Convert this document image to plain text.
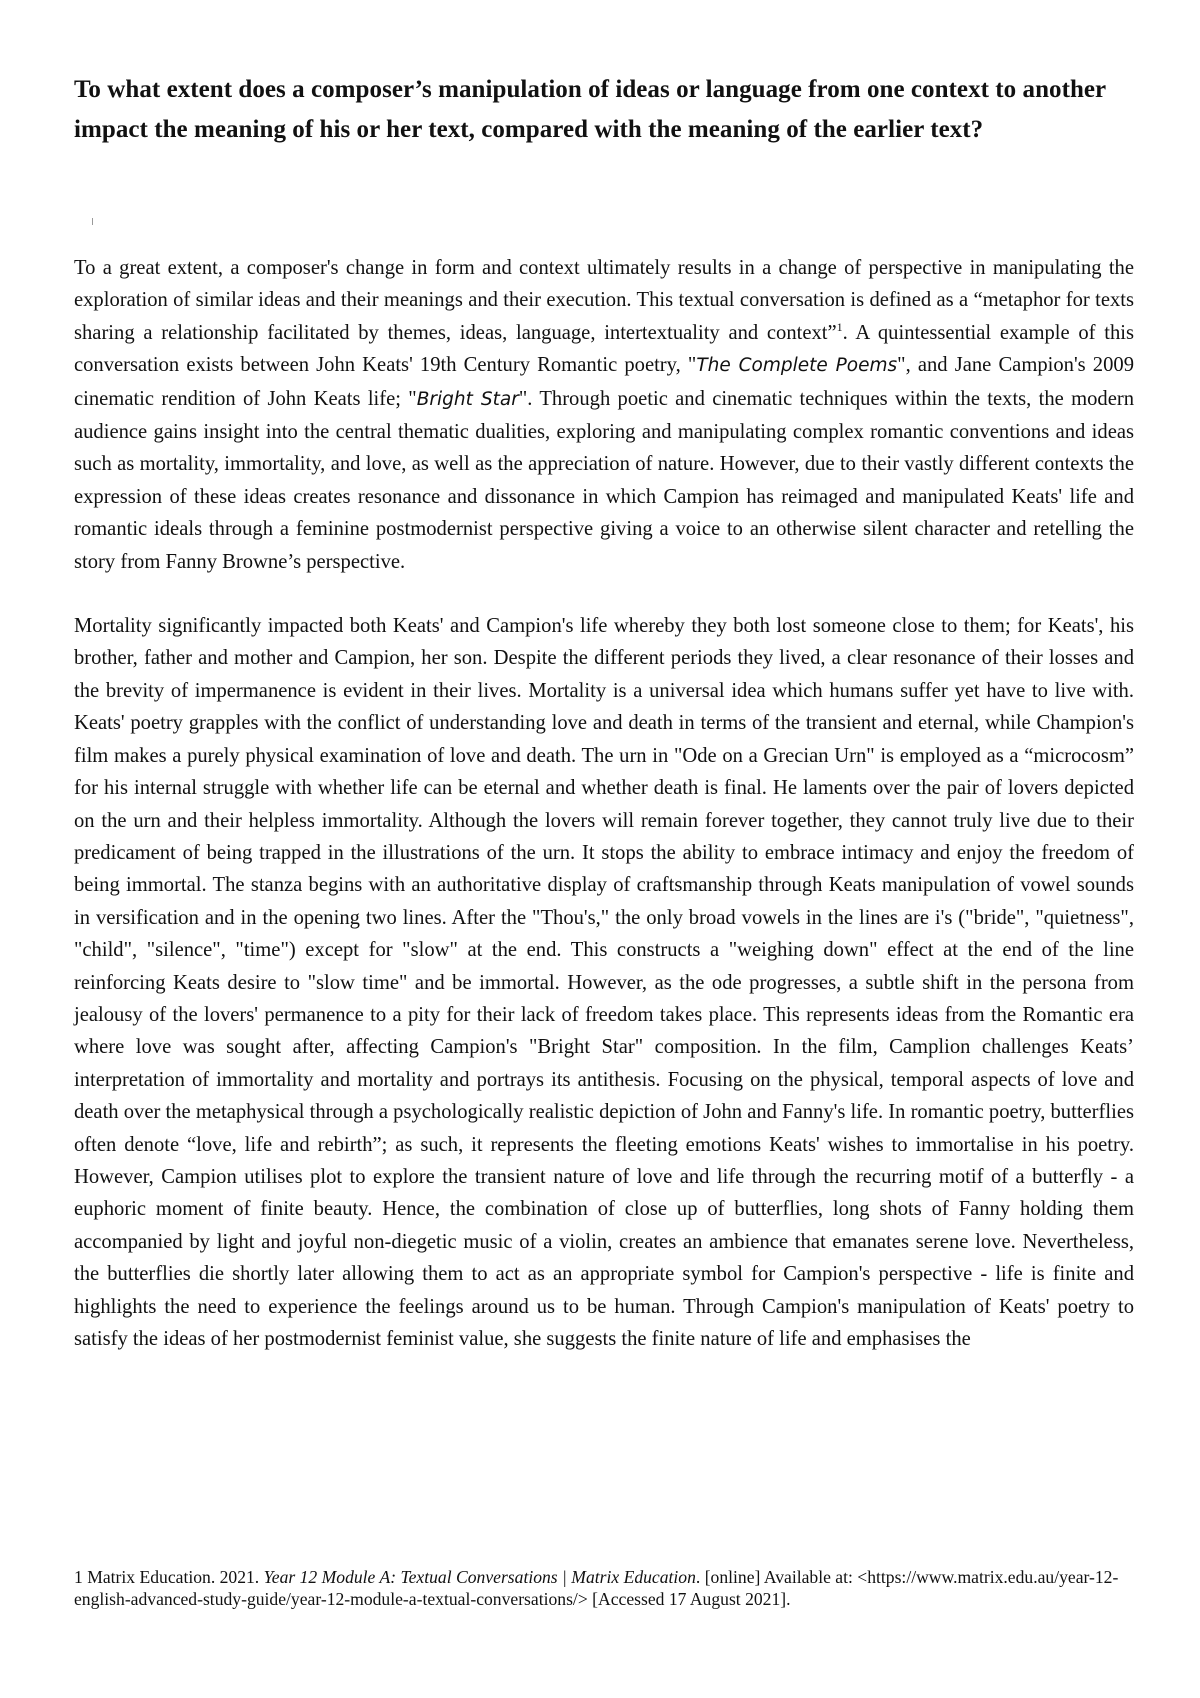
To what extent does a composer’s manipulation of ideas or language from one context to another impact the meaning of his or her text, compared with the meaning of the earlier text?

To a great extent, a composer's change in form and context ultimately results in a change of perspective in manipulating the exploration of similar ideas and their meanings and their execution. This textual conversation is defined as a “metaphor for texts sharing a relationship facilitated by themes, ideas, language, intertextuality and context”$^1$. A quintessential example of this conversation exists between John Keats' 19th Century Romantic poetry, "The Complete Poems", and Jane Campion's 2009 cinematic rendition of John Keats life; "Bright Star". Through poetic and cinematic techniques within the texts, the modern audience gains insight into the central thematic dualities, exploring and manipulating complex romantic conventions and ideas such as mortality, immortality, and love, as well as the appreciation of nature. However, due to their vastly different contexts the expression of these ideas creates resonance and dissonance in which Campion has reimaged and manipulated Keats' life and romantic ideals through a feminine postmodernist perspective giving a voice to an otherwise silent character and retelling the story from Fanny Browne’s perspective.

Mortality significantly impacted both Keats' and Campion's life whereby they both lost someone close to them; for Keats', his brother, father and mother and Campion, her son. Despite the different periods they lived, a clear resonance of their losses and the brevity of impermanence is evident in their lives. Mortality is a universal idea which humans suffer yet have to live with. Keats' poetry grapples with the conflict of understanding love and death in terms of the transient and eternal, while Champion's film makes a purely physical examination of love and death. The urn in "Ode on a Grecian Urn" is employed as a “microcosm” for his internal struggle with whether life can be eternal and whether death is final. He laments over the pair of lovers depicted on the urn and their helpless immortality. Although the lovers will remain forever together, they cannot truly live due to their predicament of being trapped in the illustrations of the urn. It stops the ability to embrace intimacy and enjoy the freedom of being immortal. The stanza begins with an authoritative display of craftsmanship through Keats manipulation of vowel sounds in versification and in the opening two lines. After the "Thou's," the only broad vowels in the lines are i's ("bride", "quietness", "child", "silence", "time") except for "slow" at the end. This constructs a "weighing down" effect at the end of the line reinforcing Keats desire to "slow time" and be immortal. However, as the ode progresses, a subtle shift in the persona from jealousy of the lovers' permanence to a pity for their lack of freedom takes place. This represents ideas from the Romantic era where love was sought after, affecting Campion's "Bright Star" composition. In the film, Camplion challenges Keats’ interpretation of immortality and mortality and portrays its antithesis. Focusing on the physical, temporal aspects of love and death over the metaphysical through a psychologically realistic depiction of John and Fanny's life. In romantic poetry, butterflies often denote “love, life and rebirth”; as such, it represents the fleeting emotions Keats' wishes to immortalise in his poetry. However, Campion utilises plot to explore the transient nature of love and life through the recurring motif of a butterfly - a euphoric moment of finite beauty. Hence, the combination of close up of butterflies, long shots of Fanny holding them accompanied by light and joyful non-diegetic music of a violin, creates an ambience that emanates serene love. Nevertheless, the butterflies die shortly later allowing them to act as an appropriate symbol for Campion's perspective - life is finite and highlights the need to experience the feelings around us to be human. Through Campion's manipulation of Keats' poetry to satisfy the ideas of her postmodernist feminist value, she suggests the finite nature of life and emphasises the

1 Matrix Education. 2021. Year 12 Module A: Textual Conversations | Matrix Education. [online] Available at: <https://www.matrix.edu.au/year-12-english-advanced-study-guide/year-12-module-a-textual-conversations/> [Accessed 17 August 2021].
